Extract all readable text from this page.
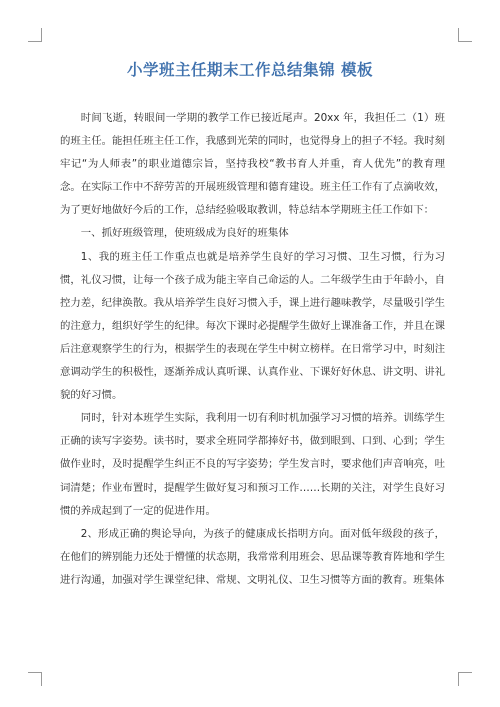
小学班主任期末工作总结集锦 模板

时间飞逝，转眼间一学期的教学工作已接近尾声。20xx 年，我担任二（1）班的班主任。能担任班主任工作，我感到光荣的同时，也觉得身上的担子不轻。我时刻牢记“为人师表”的职业道德宗旨，坚持我校“教书育人并重，育人优先”的教育理念。在实际工作中不辞劳苦的开展班级管理和德育建设。班主任工作有了点滴收效，为了更好地做好今后的工作，总结经验吸取教训，特总结本学期班主任工作如下：

一、抓好班级管理，使班级成为良好的班集体

1、我的班主任工作重点也就是培养学生良好的学习习惯、卫生习惯，行为习惯，礼仪习惯，让每一个孩子成为能主宰自己命运的人。二年级学生由于年龄小，自控力差，纪律涣散。我从培养学生良好习惯入手，课上进行趣味教学，尽量吸引学生的注意力，组织好学生的纪律。每次下课时必提醒学生做好上课准备工作，并且在课后注意观察学生的行为，根据学生的表现在学生中树立榜样。在日常学习中，时刻注意调动学生的积极性，逐渐养成认真听课、认真作业、下课好好休息、讲文明、讲礼貌的好习惯。

同时，针对本班学生实际，我利用一切有利时机加强学习习惯的培养。训练学生正确的读写字姿势。读书时，要求全班同学都捧好书，做到眼到、口到、心到；学生做作业时，及时提醒学生纠正不良的写字姿势；学生发言时，要求他们声音响亮，吐词清楚；作业布置时，提醒学生做好复习和预习工作……长期的关注，对学生良好习惯的养成起到了一定的促进作用。

2、形成正确的舆论导向，为孩子的健康成长指明方向。面对低年级段的孩子，在他们的辨别能力还处于懵懂的状态期，我常常利用班会、思品课等教育阵地和学生进行沟通，加强对学生课堂纪律、常规、文明礼仪、卫生习惯等方面的教育。班集体
